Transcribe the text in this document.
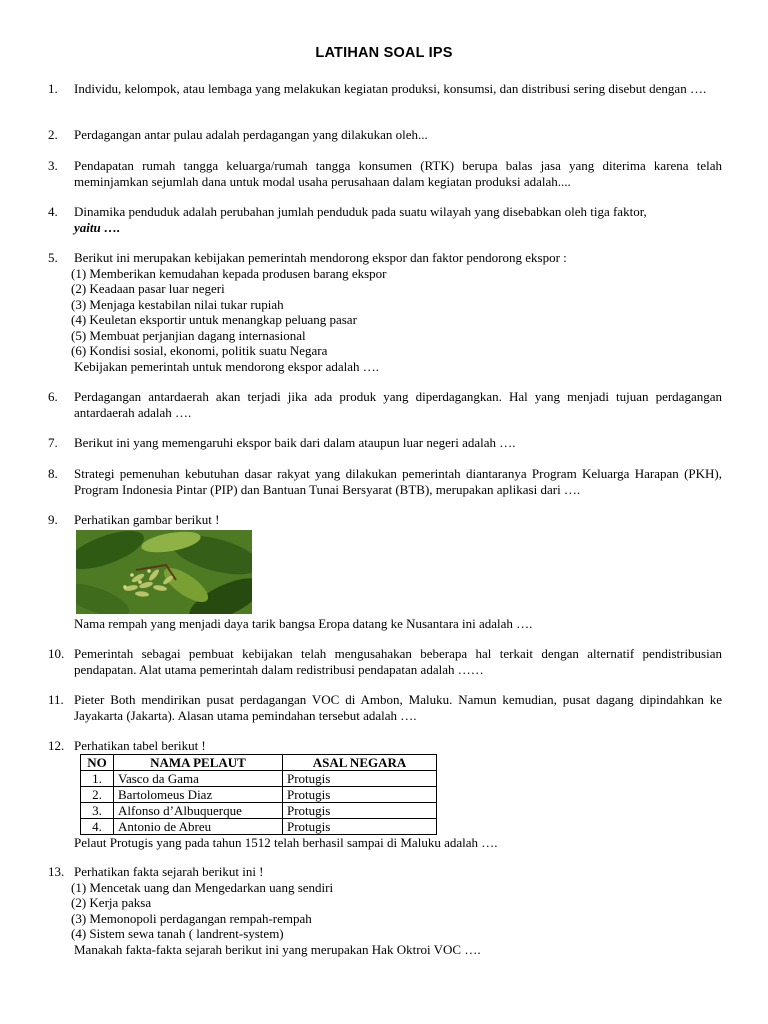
LATIHAN SOAL IPS
1. Individu, kelompok, atau lembaga yang melakukan kegiatan produksi, konsumsi, dan distribusi sering disebut dengan ….

2. Perdagangan antar pulau adalah perdagangan yang dilakukan oleh...

3. Pendapatan rumah tangga keluarga/rumah tangga konsumen (RTK) berupa balas jasa yang diterima karena telah meminjamkan sejumlah dana untuk modal usaha perusahaan dalam kegiatan produksi adalah....

4. Dinamika penduduk adalah perubahan jumlah penduduk pada suatu wilayah yang disebabkan oleh tiga faktor,

yaitu ….

5. Berikut ini merupakan kebijakan pemerintah mendorong ekspor dan faktor pendorong ekspor :

(1) Memberikan kemudahan kepada produsen barang ekspor
(2) Keadaan pasar luar negeri
(3) Menjaga kestabilan nilai tukar rupiah
(4) Keuletan eksportir untuk menangkap peluang pasar
(5) Membuat perjanjian dagang internasional
(6) Kondisi sosial, ekonomi, politik suatu Negara

Kebijakan pemerintah untuk mendorong ekspor adalah ….

6. Perdagangan antardaerah akan terjadi jika ada produk yang diperdagangkan. Hal yang menjadi tujuan perdagangan antardaerah adalah ….

7. Berikut ini yang memengaruhi ekspor baik dari dalam ataupun luar negeri adalah ….

8. Strategi pemenuhan kebutuhan dasar rakyat yang dilakukan pemerintah diantaranya Program Keluarga Harapan (PKH), Program Indonesia Pintar (PIP) dan Bantuan Tunai Bersyarat (BTB), merupakan aplikasi dari ….

9. Perhatikan gambar berikut !

Nama rempah yang menjadi daya tarik bangsa Eropa datang ke Nusantara ini adalah ….

10. Pemerintah sebagai pembuat kebijakan telah mengusahakan beberapa hal terkait dengan alternatif pendistribusian pendapatan. Alat utama pemerintah dalam redistribusi pendapatan adalah ……

11. Pieter Both mendirikan pusat perdagangan VOC di Ambon, Maluku. Namun kemudian, pusat dagang dipindahkan ke Jayakarta (Jakarta). Alasan utama pemindahan tersebut adalah ….

12. Perhatikan tabel berikut !

NO	NAMA PELAUT	ASAL NEGARA
1.	Vasco da Gama	Protugis
2.	Bartolomeus Diaz	Protugis
3.	Alfonso d’Albuquerque	Protugis
4.	Antonio de Abreu	Protugis

Pelaut Protugis yang pada tahun 1512 telah berhasil sampai di Maluku adalah ….

13. Perhatikan fakta sejarah berikut ini !

(1) Mencetak uang dan Mengedarkan uang sendiri
(2) Kerja paksa
(3) Memonopoli perdagangan rempah-rempah
(4) Sistem sewa tanah ( landrent-system)

Manakah fakta-fakta sejarah berikut ini yang merupakan Hak Oktroi VOC ….
